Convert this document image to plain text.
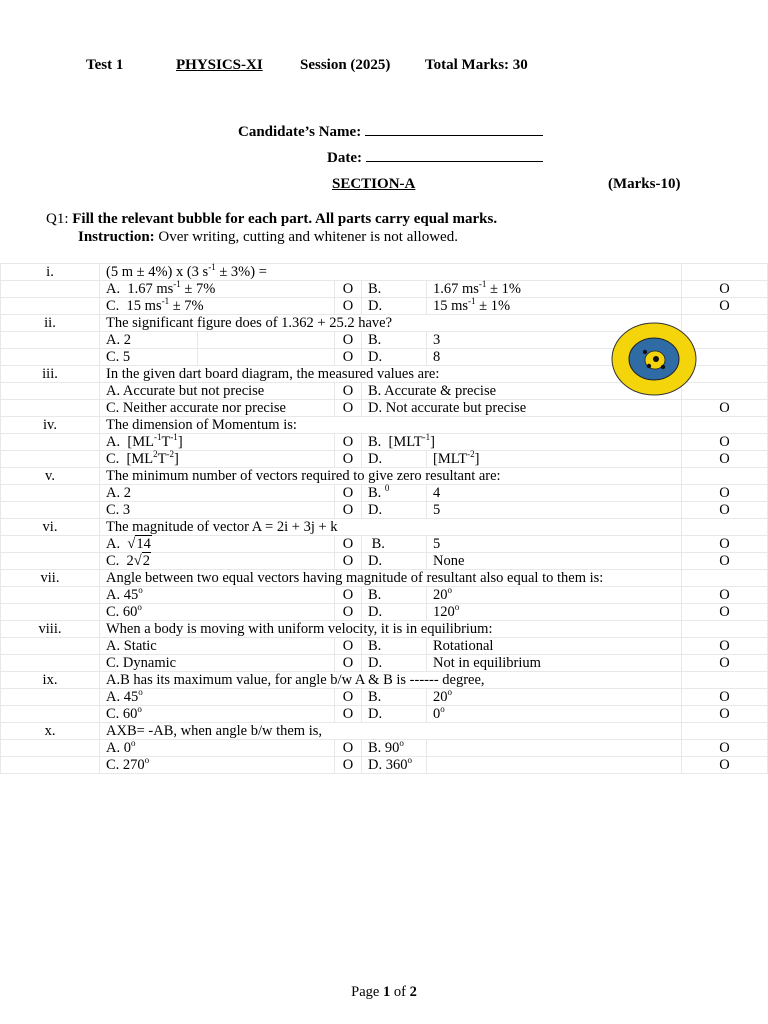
Test 1	PHYSICS-XI Session (2025) Total Marks: 30
Candidate’s Name:
Date:
SECTION-A	(Marks-10)
Q1: Fill the relevant bubble for each part. All parts carry equal marks.
Instruction: Over writing, cutting and whitener is not allowed.
i.	(5 m ± 4%) x (3 $s^{-1} \pm 3\%$) =						
	A. 1.67 $ms^{-1} \pm 7\%$		O	B.	1.67 $ms^{-1} \pm 1\%$		O
	C. 15 $ms^{-1} \pm 7\%$		O	D.	15 $ms^{-1} \pm 1\%$		O
ii.	The significant figure does of 1.362 + 25.2 have?						
	A. 2		O	B.	3		
	C. 5		O	D.	8		
iii.	In the given dart board diagram, the measured values are:						
	A. Accurate but not precise		O	B. Accurate & precise			
	C. Neither accurate nor precise		O	D. Not accurate but precise			O
iv.	The dimension of Momentum is:						
	A.  $[ML^{-1}T^{-1}]$		O	B.  $[MLT^{-1}]$			O
	C.  $[ML^2T^{-2}]$		O	D.	$[MLT^{-2}]$		O
v.	The minimum number of vectors required to give zero resultant are:						
	A. 2		O	B. $^0$	4		O
	C. 3		O	D.	5		O
vi.	The magnitude of vector A = 2i + 3j + k						
	A.  √14		O	B.	5		O
	C. 2√2		O	D.	None		O
vii.	Angle between two equal vectors having magnitude of resultant also equal to them is:						
	A. 45$^o$		O	B.	20$^o$		O
	C. 60$^o$		O	D.	120$^o$		O
viii.	When a body is moving with uniform velocity, it is in equilibrium:						
	A. Static		O	B.	Rotational		O
	C. Dynamic		O	D.	Not in equilibrium		O
ix.	A.B has its maximum value, for angle b/w A & B is ------ degree,						
	A. 45$^o$		O	B.	20$^o$		O
	C. 60$^o$		O	D.	0$^o$		O
x.	AXB= -AB, when angle b/w them is,						
	A. 0$^o$		O	B. 90$^o$			O
	C. 270$^o$		O	D. 360$^o$			O
Page 1 of 2
